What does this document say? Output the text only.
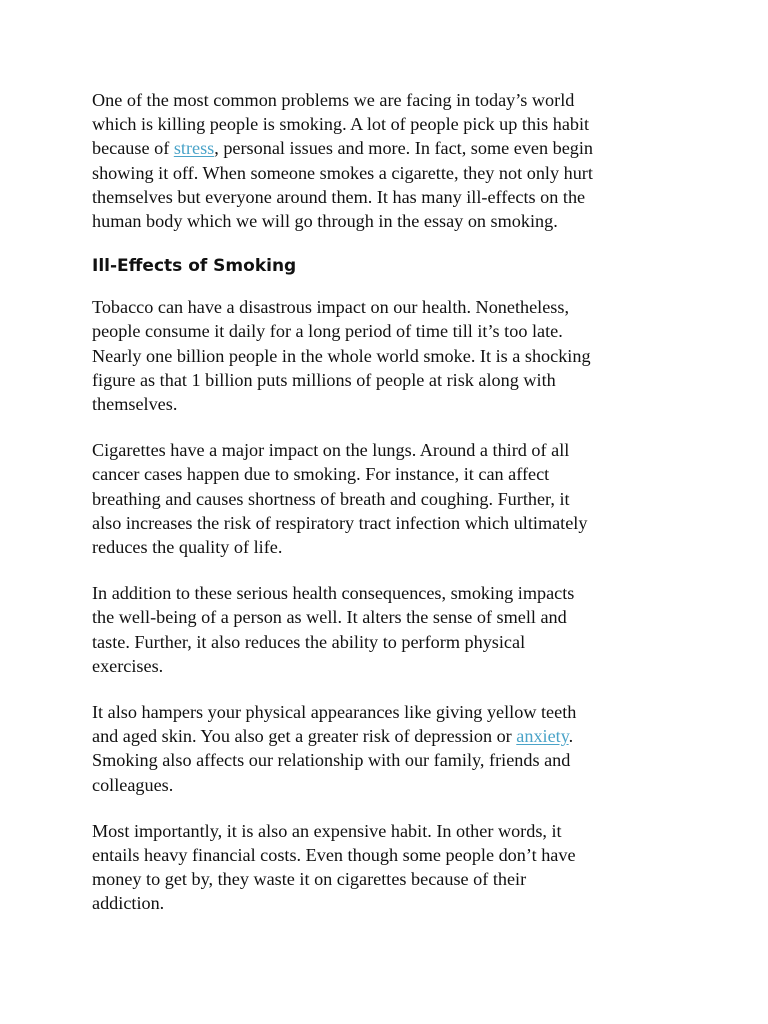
One of the most common problems we are facing in today’s world
which is killing people is smoking. A lot of people pick up this habit
because of stress, personal issues and more. In fact, some even begin
showing it off. When someone smokes a cigarette, they not only hurt
themselves but everyone around them. It has many ill-effects on the
human body which we will go through in the essay on smoking.

Ill-Effects of Smoking

Tobacco can have a disastrous impact on our health. Nonetheless,
people consume it daily for a long period of time till it’s too late.
Nearly one billion people in the whole world smoke. It is a shocking
figure as that 1 billion puts millions of people at risk along with
themselves.

Cigarettes have a major impact on the lungs. Around a third of all
cancer cases happen due to smoking. For instance, it can affect
breathing and causes shortness of breath and coughing. Further, it
also increases the risk of respiratory tract infection which ultimately
reduces the quality of life.

In addition to these serious health consequences, smoking impacts
the well-being of a person as well. It alters the sense of smell and
taste. Further, it also reduces the ability to perform physical
exercises.

It also hampers your physical appearances like giving yellow teeth
and aged skin. You also get a greater risk of depression or anxiety.
Smoking also affects our relationship with our family, friends and
colleagues.

Most importantly, it is also an expensive habit. In other words, it
entails heavy financial costs. Even though some people don’t have
money to get by, they waste it on cigarettes because of their
addiction.
